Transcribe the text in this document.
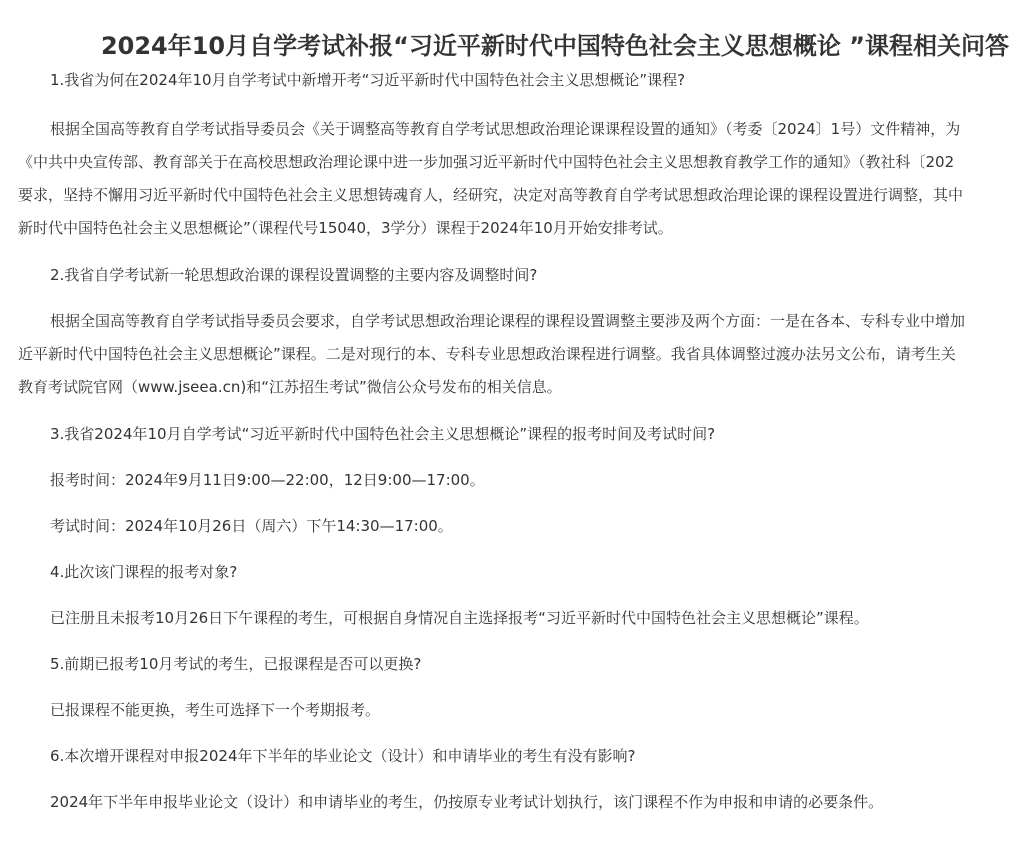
2024年10月自学考试补报“习近平新时代中国特色社会主义思想概论 ”课程相关问答

1.我省为何在2024年10月自学考试中新增开考“习近平新时代中国特色社会主义思想概论”课程?

根据全国高等教育自学考试指导委员会《关于调整高等教育自学考试思想政治理论课课程设置的通知》（考委〔2024〕1号）文件精神，为
《中共中央宣传部、教育部关于在高校思想政治理论课中进一步加强习近平新时代中国特色社会主义思想教育教学工作的通知》（教社科〔202
要求，坚持不懈用习近平新时代中国特色社会主义思想铸魂育人，经研究，决定对高等教育自学考试思想政治理论课的课程设置进行调整，其中
新时代中国特色社会主义思想概论”（课程代号15040，3学分）课程于2024年10月开始安排考试。

2.我省自学考试新一轮思想政治课的课程设置调整的主要内容及调整时间?

根据全国高等教育自学考试指导委员会要求，自学考试思想政治理论课程的课程设置调整主要涉及两个方面：一是在各本、专科专业中增加
近平新时代中国特色社会主义思想概论”课程。二是对现行的本、专科专业思想政治课程进行调整。我省具体调整过渡办法另文公布，请考生关
教育考试院官网（www.jseea.cn)和“江苏招生考试”微信公众号发布的相关信息。

3.我省2024年10月自学考试“习近平新时代中国特色社会主义思想概论”课程的报考时间及考试时间?

报考时间：2024年9月11日9:00—22:00，12日9:00—17:00。

考试时间：2024年10月26日（周六）下午14:30—17:00。

4.此次该门课程的报考对象?

已注册且未报考10月26日下午课程的考生，可根据自身情况自主选择报考“习近平新时代中国特色社会主义思想概论”课程。

5.前期已报考10月考试的考生，已报课程是否可以更换?

已报课程不能更换，考生可选择下一个考期报考。

6.本次增开课程对申报2024年下半年的毕业论文（设计）和申请毕业的考生有没有影响?

2024年下半年申报毕业论文（设计）和申请毕业的考生，仍按原专业考试计划执行，该门课程不作为申报和申请的必要条件。
